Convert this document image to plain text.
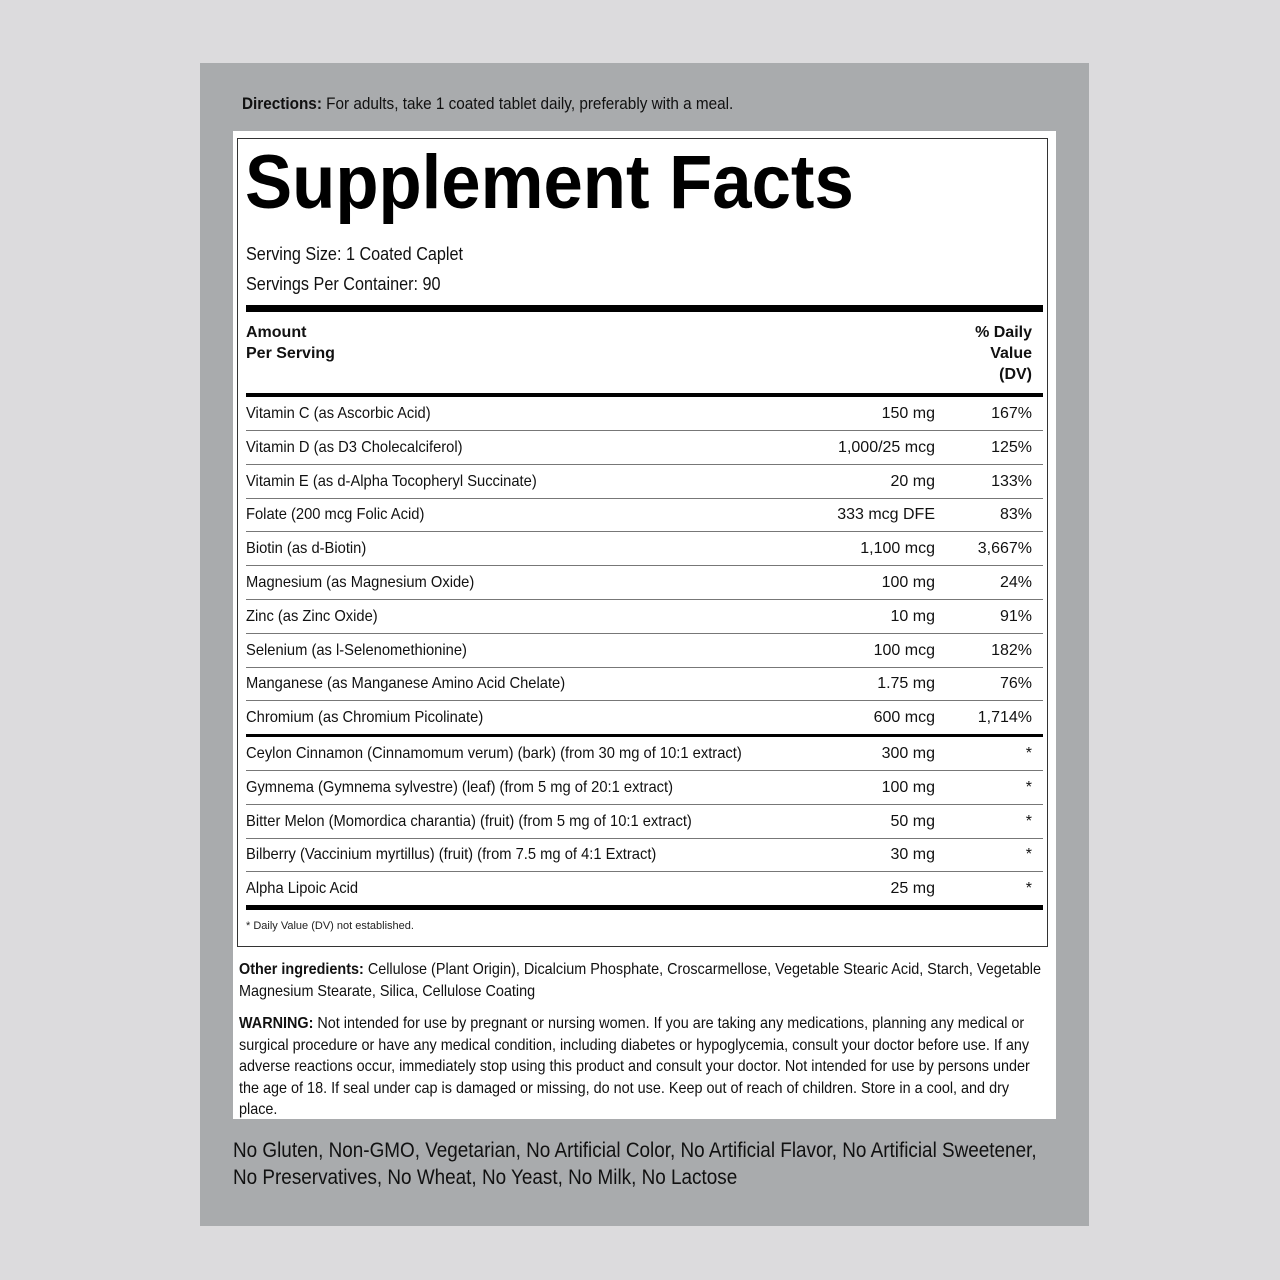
Directions: For adults, take 1 coated tablet daily, preferably with a meal.
Supplement Facts
Serving Size: 1 Coated Caplet
Servings Per Container: 90
Amount
Per Serving
% Daily
Value
(DV)
Vitamin C (as Ascorbic Acid)	150 mg	167%
Vitamin D (as D3 Cholecalciferol)	1,000/25 mcg	125%
Vitamin E (as d-Alpha Tocopheryl Succinate)	20 mg	133%
Folate (200 mcg Folic Acid)	333 mcg DFE	83%
Biotin (as d-Biotin)	1,100 mcg	3,667%
Magnesium (as Magnesium Oxide)	100 mg	24%
Zinc (as Zinc Oxide)	10 mg	91%
Selenium (as l-Selenomethionine)	100 mcg	182%
Manganese (as Manganese Amino Acid Chelate)	1.75 mg	76%
Chromium (as Chromium Picolinate)	600 mcg	1,714%
Ceylon Cinnamon (Cinnamomum verum) (bark) (from 30 mg of 10:1 extract)	300 mg	*
Gymnema (Gymnema sylvestre) (leaf) (from 5 mg of 20:1 extract)	100 mg	*
Bitter Melon (Momordica charantia) (fruit) (from 5 mg of 10:1 extract)	50 mg	*
Bilberry (Vaccinium myrtillus) (fruit) (from 7.5 mg of 4:1 Extract)	30 mg	*
Alpha Lipoic Acid	25 mg	*
* Daily Value (DV) not established.
Other ingredients: Cellulose (Plant Origin), Dicalcium Phosphate, Croscarmellose, Vegetable Stearic Acid, Starch, Vegetable Magnesium Stearate, Silica, Cellulose Coating
WARNING: Not intended for use by pregnant or nursing women. If you are taking any medications, planning any medical or surgical procedure or have any medical condition, including diabetes or hypoglycemia, consult your doctor before use. If any adverse reactions occur, immediately stop using this product and consult your doctor. Not intended for use by persons under the age of 18. If seal under cap is damaged or missing, do not use. Keep out of reach of children. Store in a cool, and dry place.
No Gluten, Non-GMO, Vegetarian, No Artificial Color, No Artificial Flavor, No Artificial Sweetener, No Preservatives, No Wheat, No Yeast, No Milk, No Lactose
